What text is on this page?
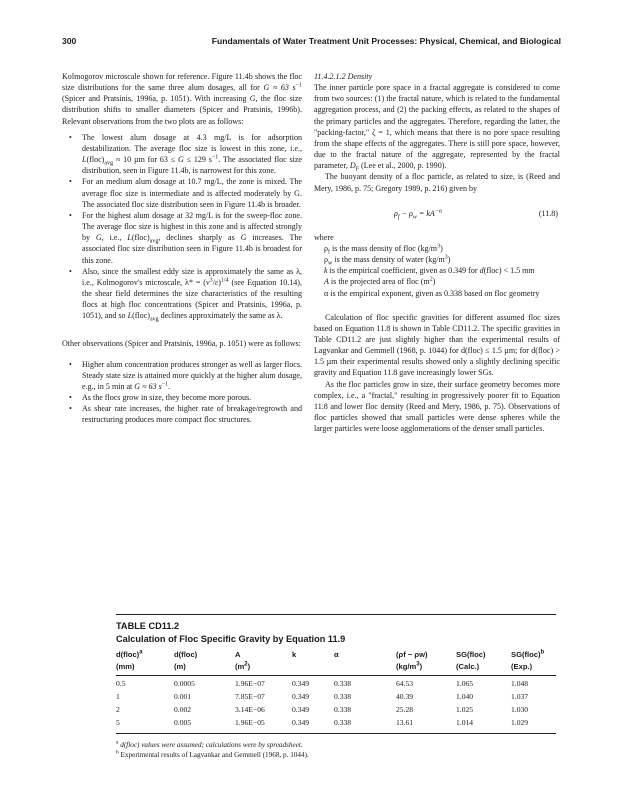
300	Fundamentals of Water Treatment Unit Processes: Physical, Chemical, and Biological

Kolmogorov microscale shown for reference. Figure 11.4b shows the floc size distributions for the same three alum dosages, all for G ≈ 63 $s^{-1}$ (Spicer and Pratsinis, 1996a, p. 1051). With increasing G, the floc size distribution shifts to smaller diameters (Spicer and Pratsinis, 1996b). Relevant observations from the two plots are as follows:

• The lowest alum dosage at 4.3 mg/L is for adsorption destabilization. The average floc size is lowest in this zone, i.e., $L(floc)_{avg} \approx 10$ µm for 63 ≤ G ≤ 129 $s^{-1}$. The associated floc size distribution, seen in Figure 11.4b, is narrowest for this zone.
• For an medium alum dosage at 10.7 mg/L, the zone is mixed. The average floc size is intermediate and is affected moderately by G. The associated floc size distribution seen in Figure 11.4b is broader.
• For the highest alum dosage at 32 mg/L is for the sweep-floc zone. The average floc size is highest in this zone and is affected strongly by G, i.e., $L(floc)_{avg}$, declines sharply as G increases. The associated floc size distribution seen in Figure 11.4b is broadest for this zone.
• Also, since the smallest eddy size is approximately the same as λ, i.e., Kolmogorov's microscale, $\lambda* = (\nu^3/\varepsilon)^{1/4}$ (see Equation 10.14), the shear field determines the size characteristics of the resulting flocs at high floc concentrations (Spicer and Pratsinis, 1996a, p. 1051), and so $L(floc)_{avg}$ declines approximately the same as λ.

Other observations (Spicer and Pratsinis, 1996a, p. 1051) were as follows:

• Higher alum concentration produces stronger as well as larger flocs. Steady state size is attained more quickly at the higher alum dosage, e.g., in 5 min at G ≈ 63 $s^{-1}$.
• As the flocs grow in size, they become more porous.
• As shear rate increases, the higher rate of breakage/regrowth and restructuring produces more compact floc structures.

11.4.2.1.2 Density

The inner particle pore space in a fractal aggregate is considered to come from two sources: (1) the fractal nature, which is related to the fundamental aggregation process, and (2) the packing effects, as related to the shapes of the primary particles and the aggregates. Therefore, regarding the latter, the "packing-factor," ζ = 1, which means that there is no pore space resulting from the shape effects of the aggregates. There is still pore space, however, due to the fractal nature of the aggregate, represented by the fractal parameter, $D_F$ (Lee et al., 2000, p. 1990).

The buoyant density of a floc particle, as related to size, is (Reed and Mery, 1986, p. 75; Gregory 1989, p. 216) given by

$\rho_f - \rho_w = kA^{-\alpha}$	(11.8)

where

$\rho_f$ is the mass density of floc $(kg/m^3)$
$\rho_w$ is the mass density of water $(kg/m^3)$
k is the empirical coefficient, given as 0.349 for d(floc) < 1.5 mm
A is the projected area of floc $(m^2)$
α is the empirical exponent, given as 0.338 based on floc geometry

Calculation of floc specific gravities for different assumed floc sizes based on Equation 11.8 is shown in Table CD11.2. The specific gravities in Table CD11.2 are just slightly higher than the experimental results of Lagvankar and Gemmell (1968, p. 1044) for d(floc) ≤ 1.5 µm; for d(floc) > 1.5 µm their experimental results showed only a slightly declining specific gravity and Equation 11.8 gave increasingly lower SGs.

As the floc particles grow in size, their surface geometry becomes more complex, i.e., a "fractal," resulting in progressively poorer fit to Equation 11.8 and lower floc density (Reed and Mery, 1986, p. 75). Observations of floc particles showed that small particles were dense spheres while the larger particles were loose agglomerations of the denser small particles.

TABLE CD11.2
Calculation of Floc Specific Gravity by Equation 11.9
d(floc)$^a$	d(floc)	A	k	α	(ρf − ρw)	SG(floc)	SG(floc)$^b$
(mm)	(m)	$(m^2)$			$(kg/m^3)$	(Calc.)	(Exp.)
0.5	0.0005	1.96E−07	0.349	0.338	64.53	1.065	1.048
1	0.001	7.85E−07	0.349	0.338	40.39	1.040	1.037
2	0.002	3.14E−06	0.349	0.338	25.28	1.025	1.030
5	0.005	1.96E−05	0.349	0.338	13.61	1.014	1.029
$^a$ d(floc) values were assumed; calculations were by spreadsheet.
$^b$ Experimental results of Lagvankar and Gemmell (1968, p. 1044).
